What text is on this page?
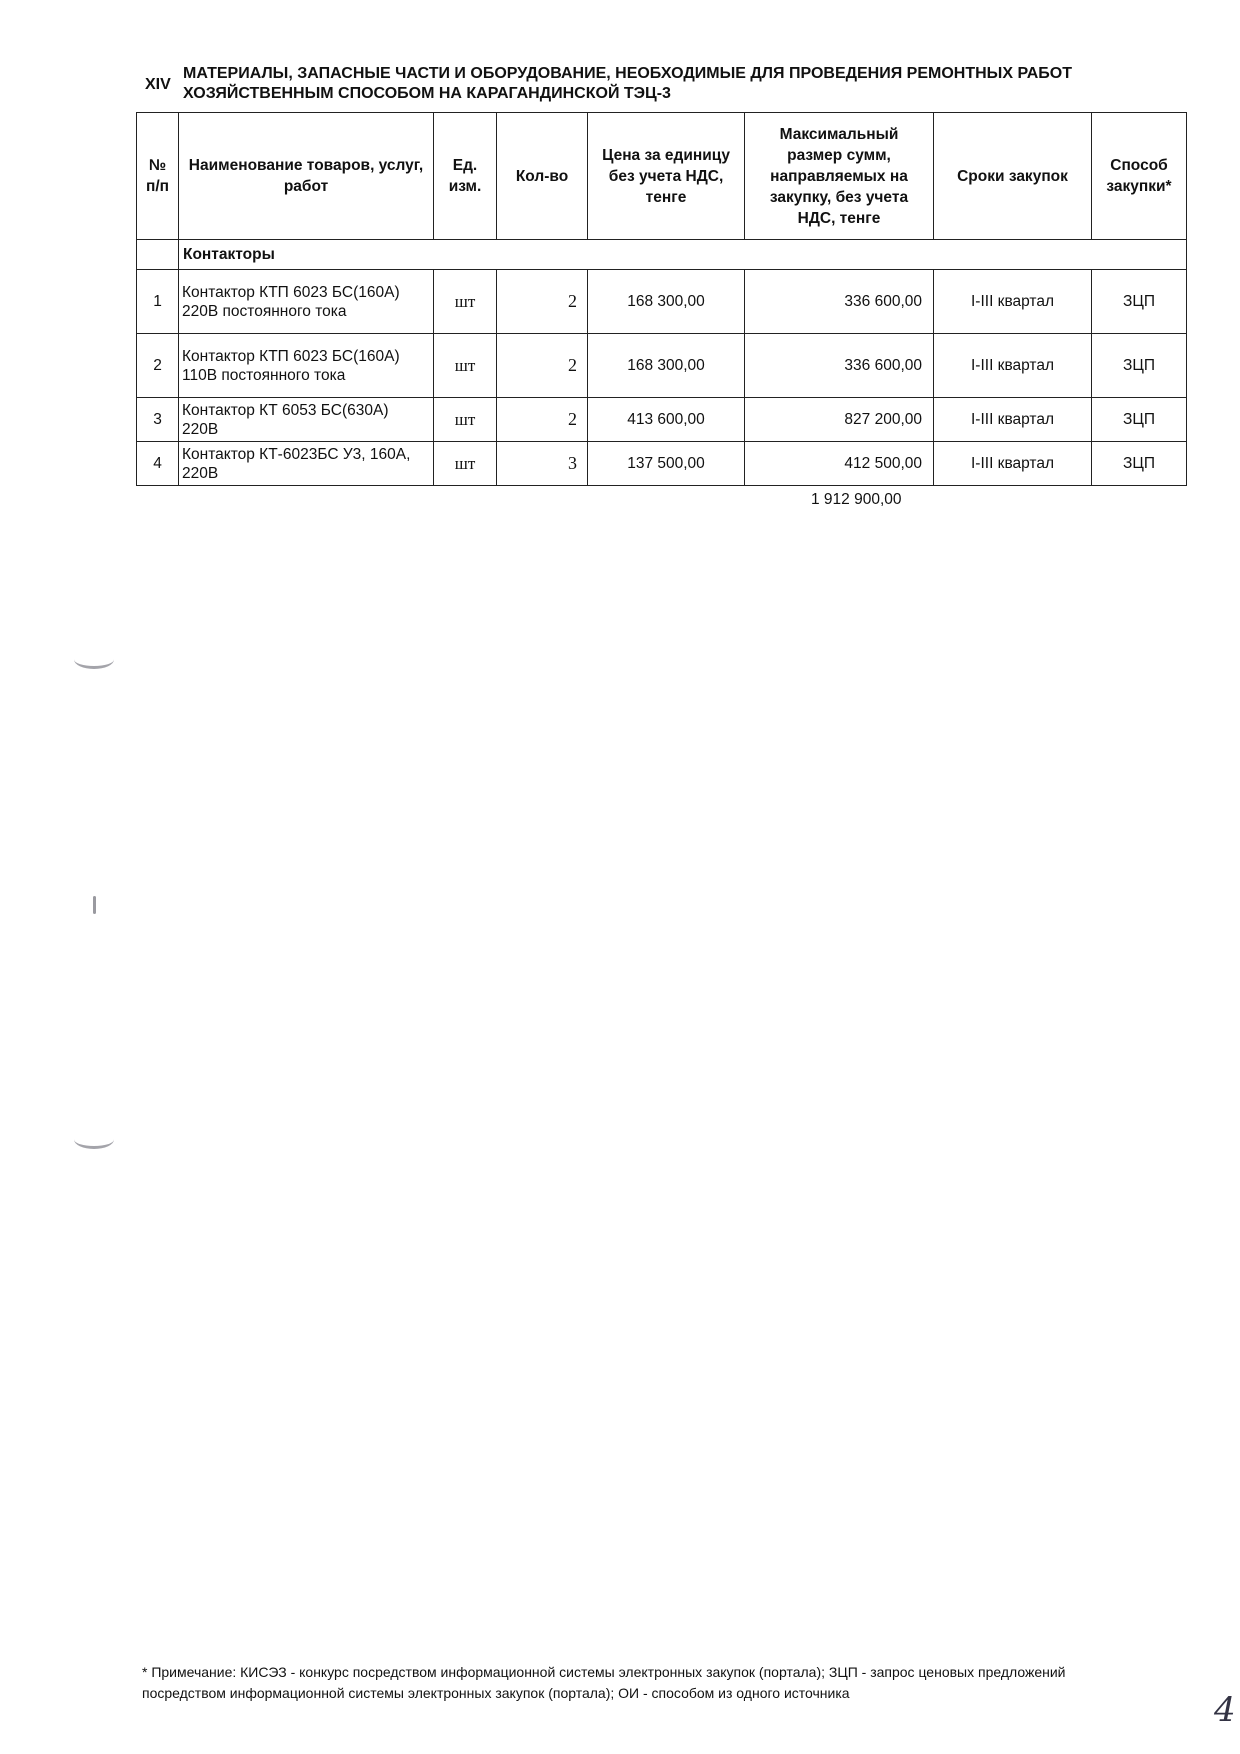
XIV
МАТЕРИАЛЫ, ЗАПАСНЫЕ ЧАСТИ И ОБОРУДОВАНИЕ, НЕОБХОДИМЫЕ ДЛЯ ПРОВЕДЕНИЯ РЕМОНТНЫХ РАБОТ ХОЗЯЙСТВЕННЫМ СПОСОБОМ НА КАРАГАНДИНСКОЙ ТЭЦ-3
№ п/п	Наименование товаров, услуг, работ	Ед. изм.	Кол-во	Цена за единицу без учета НДС, тенге	Максимальный размер сумм, направляемых на закупку, без учета НДС, тенге	Сроки закупок	Способ закупки*
	Контакторы						
1	Контактор КТП 6023 БС(160А) 220В постоянного тока	шт	2	168 300,00	336 600,00	I-III квартал	ЗЦП
2	Контактор КТП 6023 БС(160А) 110В постоянного тока	шт	2	168 300,00	336 600,00	I-III квартал	ЗЦП
3	Контактор КТ 6053 БС(630А) 220В	шт	2	413 600,00	827 200,00	I-III квартал	ЗЦП
4	Контактор КТ-6023БС У3, 160А, 220В	шт	3	137 500,00	412 500,00	I-III квартал	ЗЦП
1 912 900,00
* Примечание: КИСЭЗ - конкурс посредством информационной системы электронных закупок (портала); ЗЦП - запрос ценовых предложений посредством информационной системы электронных закупок (портала); ОИ - способом из одного источника	4
